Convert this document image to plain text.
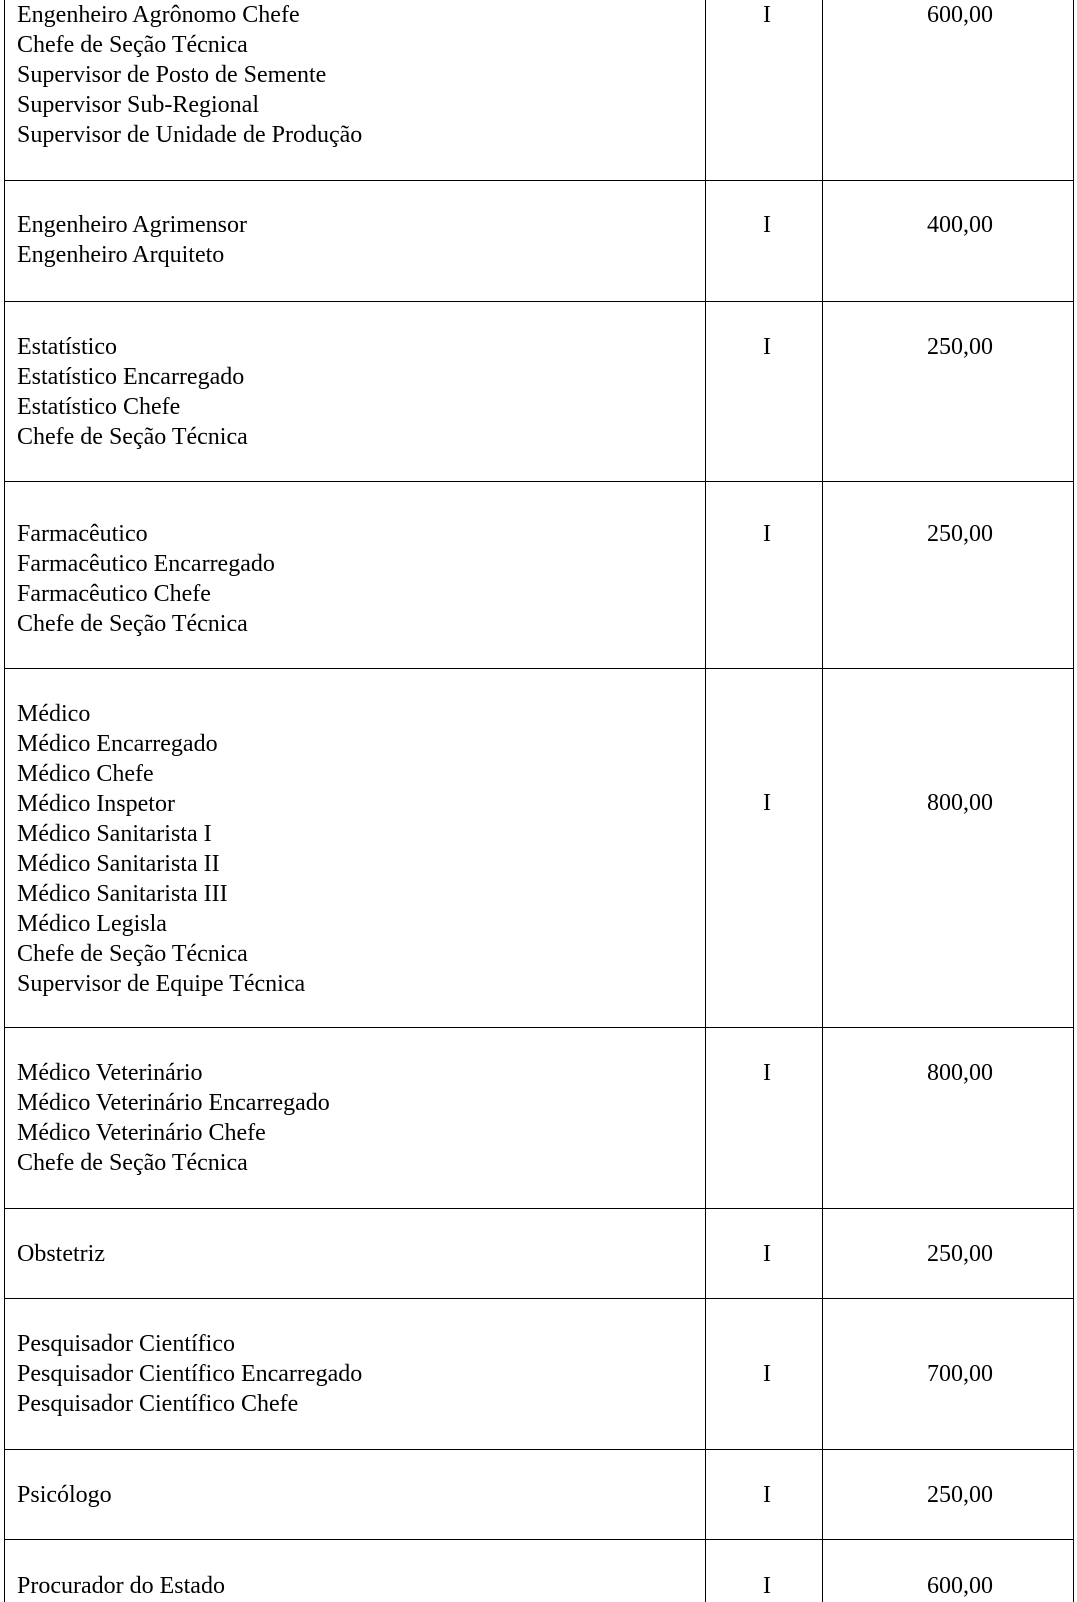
Engenheiro Agrônomo Chefe
Chefe de Seção Técnica
Supervisor de Posto de Semente
Supervisor Sub-Regional
Supervisor de Unidade de Produção
I	600,00
Engenheiro Agrimensor
Engenheiro Arquiteto
I	400,00
Estatístico
Estatístico Encarregado
Estatístico Chefe
Chefe de Seção Técnica
I	250,00
Farmacêutico
Farmacêutico Encarregado
Farmacêutico Chefe
Chefe de Seção Técnica
I	250,00
Médico
Médico Encarregado
Médico Chefe
Médico Inspetor
Médico Sanitarista I
Médico Sanitarista II
Médico Sanitarista III
Médico Legisla
Chefe de Seção Técnica
Supervisor de Equipe Técnica
I	800,00
Médico Veterinário
Médico Veterinário Encarregado
Médico Veterinário Chefe
Chefe de Seção Técnica
I	800,00
Obstetriz	I	250,00
Pesquisador Científico
Pesquisador Científico Encarregado
Pesquisador Científico Chefe
I	700,00
Psicólogo	I	250,00
Procurador do Estado	I	600,00
